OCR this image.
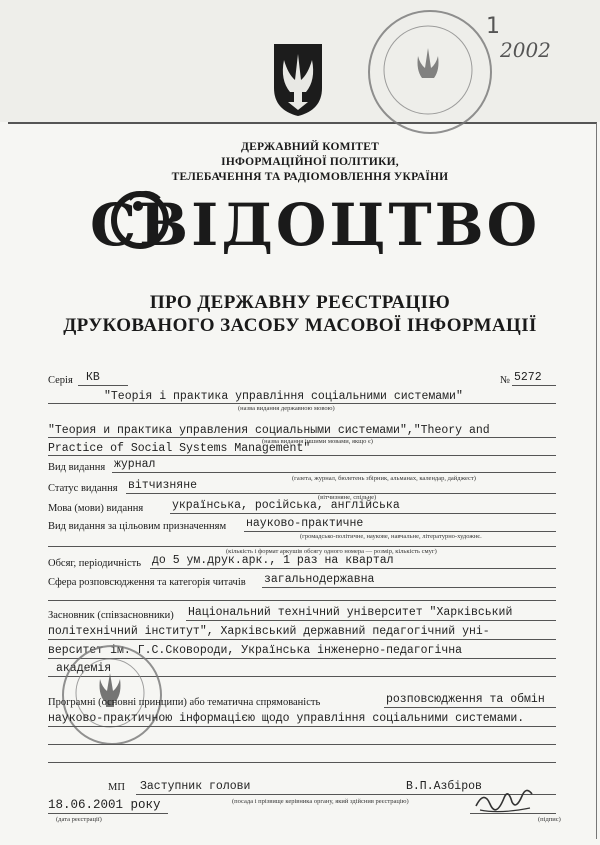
1
2002
ДЕРЖАВНИЙ КОМІТЕТ
ІНФОРМАЦІЙНОЇ ПОЛІТИКИ,
ТЕЛЕБАЧЕННЯ ТА РАДІОМОВЛЕННЯ УКРАЇНИ
СВІДОЦТВО
ПРО ДЕРЖАВНУ РЕЄСТРАЦІЮ
ДРУКОВАНОГО ЗАСОБУ МАСОВОЇ ІНФОРМАЦІЇ
Серія КВ	№ 5272
"Теорія і практика управління соціальними системами"
(назва видання державною мовою)
"Теория и практика управления социальными системами","Theory and
(назва видання іншими мовами, якщо є)
Practice of Social Systems Management"
Вид видання журнал
(газета, журнал, бюлетень збірник, альманах, календар, дайджест)
Статус видання вітчизняне
(вітчизняне, спільне)
Мова (мови) видання	українська, російська, англійська
Вид видання за цільовим призначенням науково-практичне
(громадсько-політичне, наукове, навчальне, літературно-художнє.
(кількість і формат аркушів обсягу одного номера — розмір, кількість смуг)
Обсяг, періодичність до 5 ум.друк.арк., 1 раз на квартал
Сфера розповсюдження та категорія читачів загальнодержавна
Засновник (співзасновники) Національний технічний університет "Харківський
політехнічний інститут", Харківський державний педагогічний уні-
верситет ім. Г.С.Сковороди, Українська інженерно-педагогічна
академія
Програмні (основні принципи) або тематична спрямованість	розповсюдження та обмін
науково-практичною інформацією щодо управління соціальними системами.
МП Заступник голови	В.П.Азбіров
(посада і прізвище керівника органу, який здійснив реєстрацію)
18.06.2001 року
(дата реєстрації)	(підпис)
